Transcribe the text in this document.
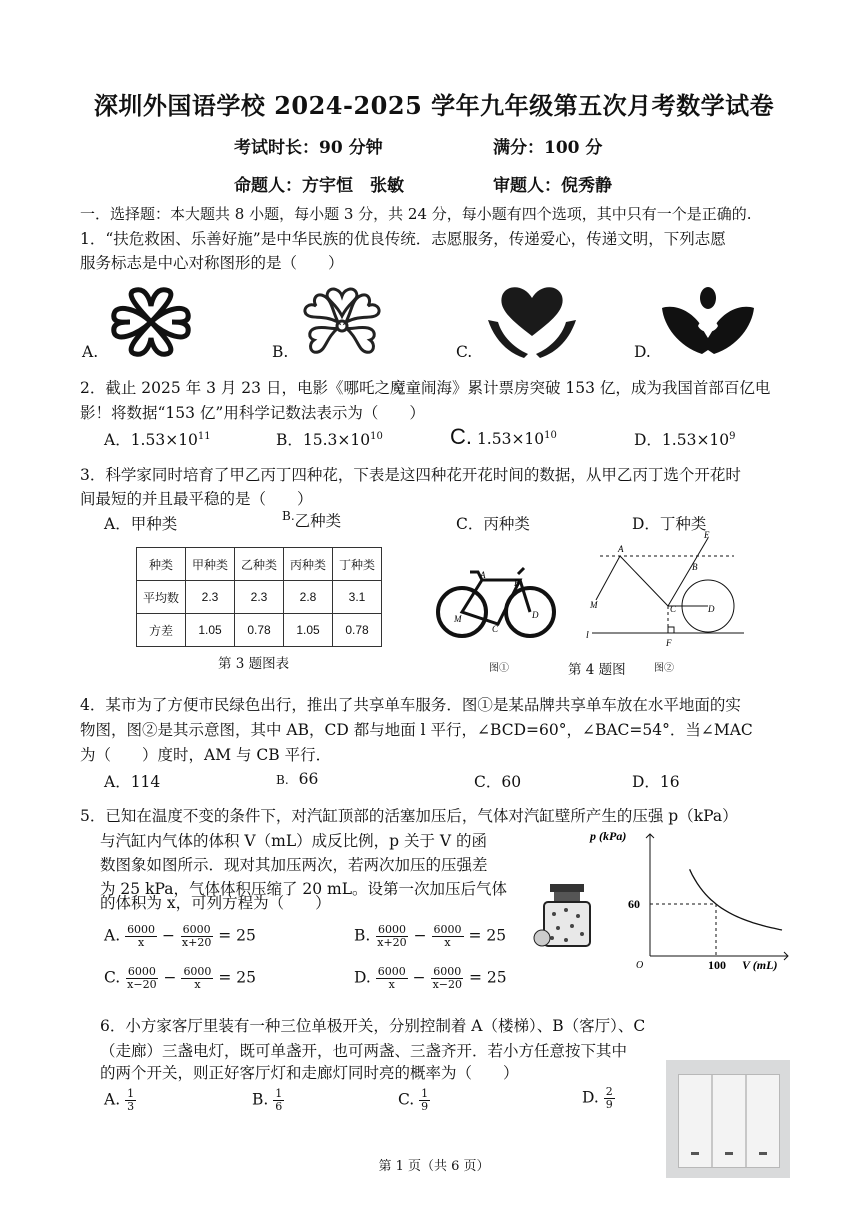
深圳外国语学校 2024-2025 学年九年级第五次月考数学试卷
考试时长：90 分钟	满分：100 分
命题人：方宇恒　张敏	审题人：倪秀静
一．选择题：本大题共 8 小题，每小题 3 分，共 24 分，每小题有四个选项，其中只有一个是正确的.
1．“扶危救困、乐善好施”是中华民族的优良传统．志愿服务，传递爱心，传递文明，下列志愿
服务标志是中心对称图形的是（　　）
A.	B.	C.	D.
2．截止 2025 年 3 月 23 日，电影《哪吒之魔童闹海》累计票房突破 153 亿，成为我国首部百亿电
影！将数据“153 亿”用科学记数法表示为（　　）
A．$1.53\times 10^{11}$	B．$15.3\times 10^{10}$	C. $1.53\times 10^{10}$	D．$1.53\times 10^9$
3．科学家同时培育了甲乙丙丁四种花，下表是这四种花开花时间的数据，从甲乙丙丁选个开花时
间最短的并且最平稳的是（　　）
A．甲种类	$^{B.}$乙种类	C．丙种类	D．丁种类
种类	甲种类	乙种类	丙种类	丁种类
平均数	2.3	2.3	2.8	3.1
方差	1.05	0.78	1.05	0.78
第 3 题图表
A
B
C
D
M
图①
A
E
B
M	C	D
F
l
第 4 题图	图②
4．某市为了方便市民绿色出行，推出了共享单车服务．图①是某品牌共享单车放在水平地面的实
物图，图②是其示意图，其中 AB，CD 都与地面 l 平行，∠BCD=60°，∠BAC=54°．当∠MAC
为（　　）度时，AM 与 CB 平行．
A．114	B. 66	C．60	D．16
5．已知在温度不变的条件下，对汽缸顶部的活塞加压后，气体对汽缸壁所产生的压强 p（kPa）
与汽缸内气体的体积 V（mL）成反比例，p 关于 V 的函
数图象如图所示．现对其加压两次，若两次加压的压强差
为 25 kPa，气体体积压缩了 20 mL。设第一次加压后气体
的体积为 x，可列方程为（　　）
A. $\frac{6000}{x} - \frac{6000}{x+20} = 25$	B. $\frac{6000}{x+20} - \frac{6000}{x} = 25$
C. $\frac{6000}{x-20} - \frac{6000}{x} = 25$	D. $\frac{6000}{x} - \frac{6000}{x-20} = 25$
p (kPa)
60
O	100 V (mL)
6．小方家客厅里装有一种三位单极开关，分别控制着 A（楼梯）、B（客厅）、C
（走廊）三盏电灯，既可单盏开，也可两盏、三盏齐开．若小方任意按下其中
的两个开关，则正好客厅灯和走廊灯同时亮的概率为（　　）
A. $\frac{1}{3}$	B. $\frac{1}{6}$	C. $\frac{1}{9}$	D. $\frac{2}{9}$
第 1 页（共 6 页）
